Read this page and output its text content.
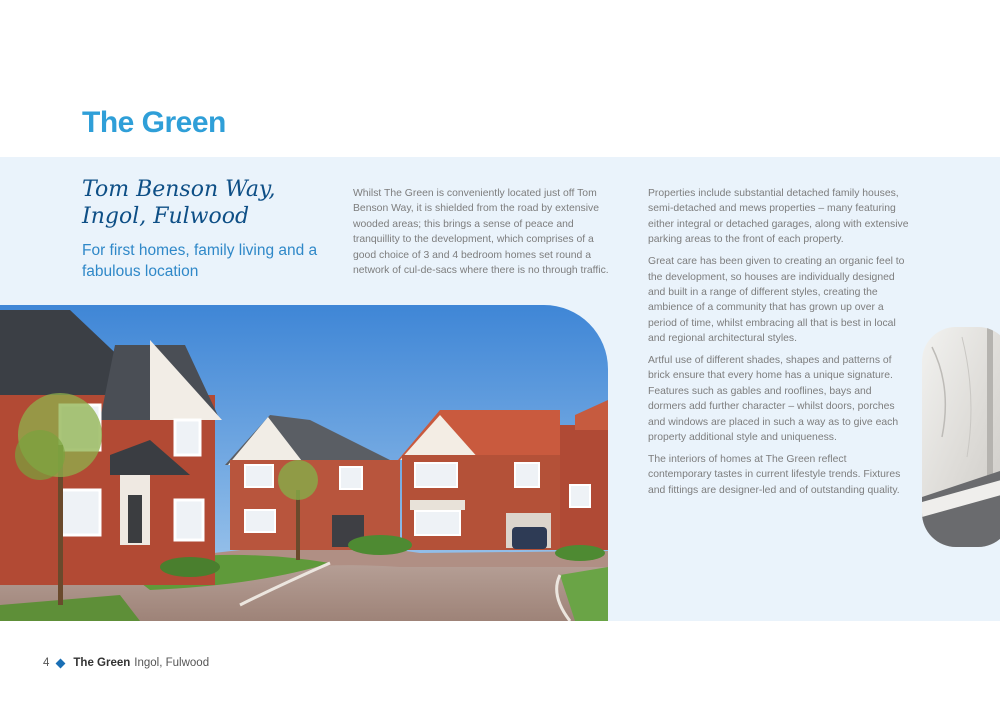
The Green
Tom Benson Way, Ingol, Fulwood
For first homes, family living and a fabulous location

Whilst The Green is conveniently located just off Tom Benson Way, it is shielded from the road by extensive wooded areas; this brings a sense of peace and tranquillity to the development, which comprises of a good choice of 3 and 4 bedroom homes set round a network of cul-de-sacs where there is no through traffic.

Properties include substantial detached family houses, semi-detached and mews properties – many featuring either integral or detached garages, along with extensive parking areas to the front of each property.

Great care has been given to creating an organic feel to the development, so houses are individually designed and built in a range of different styles, creating the ambience of a community that has grown up over a period of time, whilst embracing all that is best in local and regional architectural styles.

Artful use of different shades, shapes and patterns of brick ensure that every home has a unique signature. Features such as gables and rooflines, bays and dormers add further character – whilst doors, porches and windows are placed in such a way as to give each property additional style and uniqueness.

The interiors of homes at The Green reflect contemporary tastes in current lifestyle trends. Fixtures and fittings are designer-led and of outstanding quality.

4 The Green Ingol, Fulwood
